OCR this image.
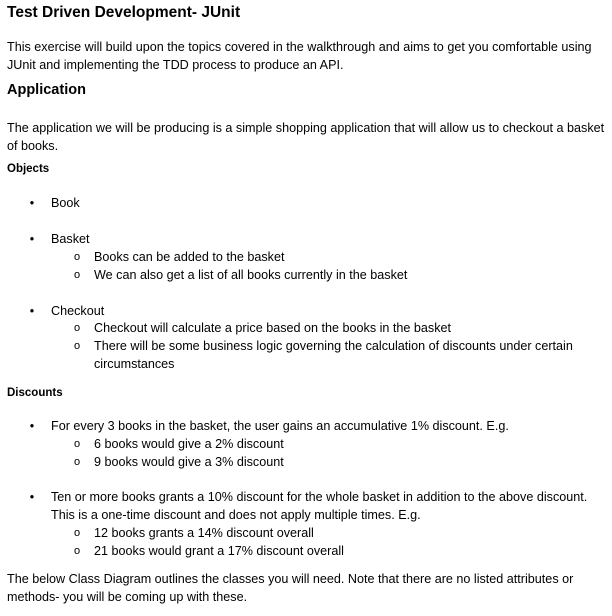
Test Driven Development- JUnit

This exercise will build upon the topics covered in the walkthrough and aims to get you comfortable using JUnit and implementing the TDD process to produce an API.

Application

The application we will be producing is a simple shopping application that will allow us to checkout a basket of books.

Objects
• Book
• Basket
o Books can be added to the basket
o We can also get a list of all books currently in the basket
• Checkout
o Checkout will calculate a price based on the books in the basket
o There will be some business logic governing the calculation of discounts under certain circumstances
Discounts
• For every 3 books in the basket, the user gains an accumulative 1% discount. E.g.
o 6 books would give a 2% discount
o 9 books would give a 3% discount
• Ten or more books grants a 10% discount for the whole basket in addition to the above discount. This is a one-time discount and does not apply multiple times. E.g.
o 12 books grants a 14% discount overall
o 21 books would grant a 17% discount overall

The below Class Diagram outlines the classes you will need. Note that there are no listed attributes or methods- you will be coming up with these.
